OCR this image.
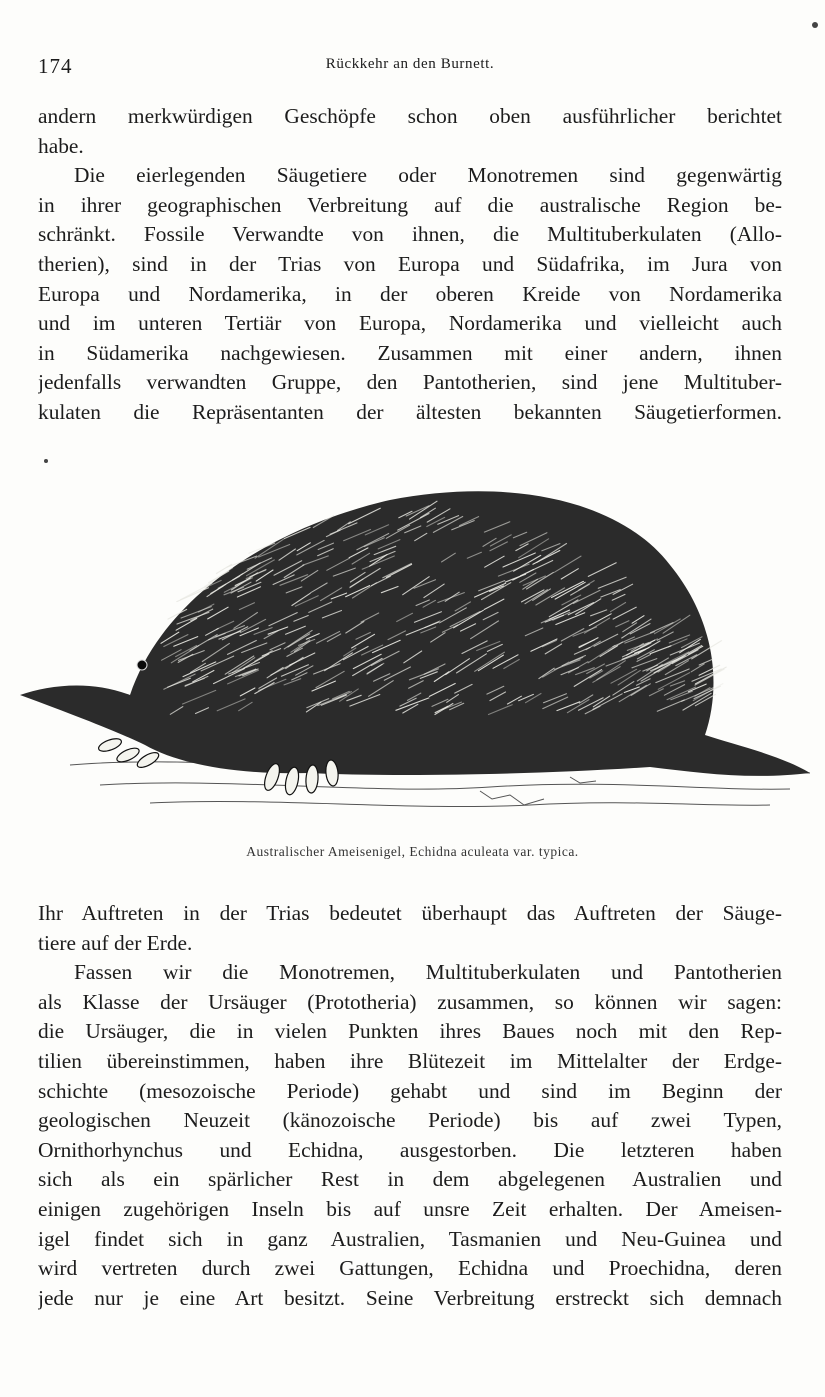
174	Rückkehr an den Burnett.
andern merkwürdigen Geschöpfe schon oben ausführlicher berichtet
habe.
Die eierlegenden Säugetiere oder Monotremen sind gegenwärtig
in ihrer geographischen Verbreitung auf die australische Region be-
schränkt. Fossile Verwandte von ihnen, die Multituberkulaten (Allo-
therien), sind in der Trias von Europa und Südafrika, im Jura von
Europa und Nordamerika, in der oberen Kreide von Nordamerika
und im unteren Tertiär von Europa, Nordamerika und vielleicht auch
in Südamerika nachgewiesen. Zusammen mit einer andern, ihnen
jedenfalls verwandten Gruppe, den Pantotherien, sind jene Multituber-
kulaten die Repräsentanten der ältesten bekannten Säugetierformen.
Australischer Ameisenigel, Echidna aculeata var. typica.
Ihr Auftreten in der Trias bedeutet überhaupt das Auftreten der Säuge-
tiere auf der Erde.
Fassen wir die Monotremen, Multituberkulaten und Pantotherien
als Klasse der Ursäuger (Prototheria) zusammen, so können wir sagen:
die Ursäuger, die in vielen Punkten ihres Baues noch mit den Rep-
tilien übereinstimmen, haben ihre Blütezeit im Mittelalter der Erdge-
schichte (mesozoische Periode) gehabt und sind im Beginn der
geologischen Neuzeit (känozoische Periode) bis auf zwei Typen,
Ornithorhynchus und Echidna, ausgestorben. Die letzteren haben
sich als ein spärlicher Rest in dem abgelegenen Australien und
einigen zugehörigen Inseln bis auf unsre Zeit erhalten. Der Ameisen-
igel findet sich in ganz Australien, Tasmanien und Neu-Guinea und
wird vertreten durch zwei Gattungen, Echidna und Proechidna, deren
jede nur je eine Art besitzt. Seine Verbreitung erstreckt sich demnach
